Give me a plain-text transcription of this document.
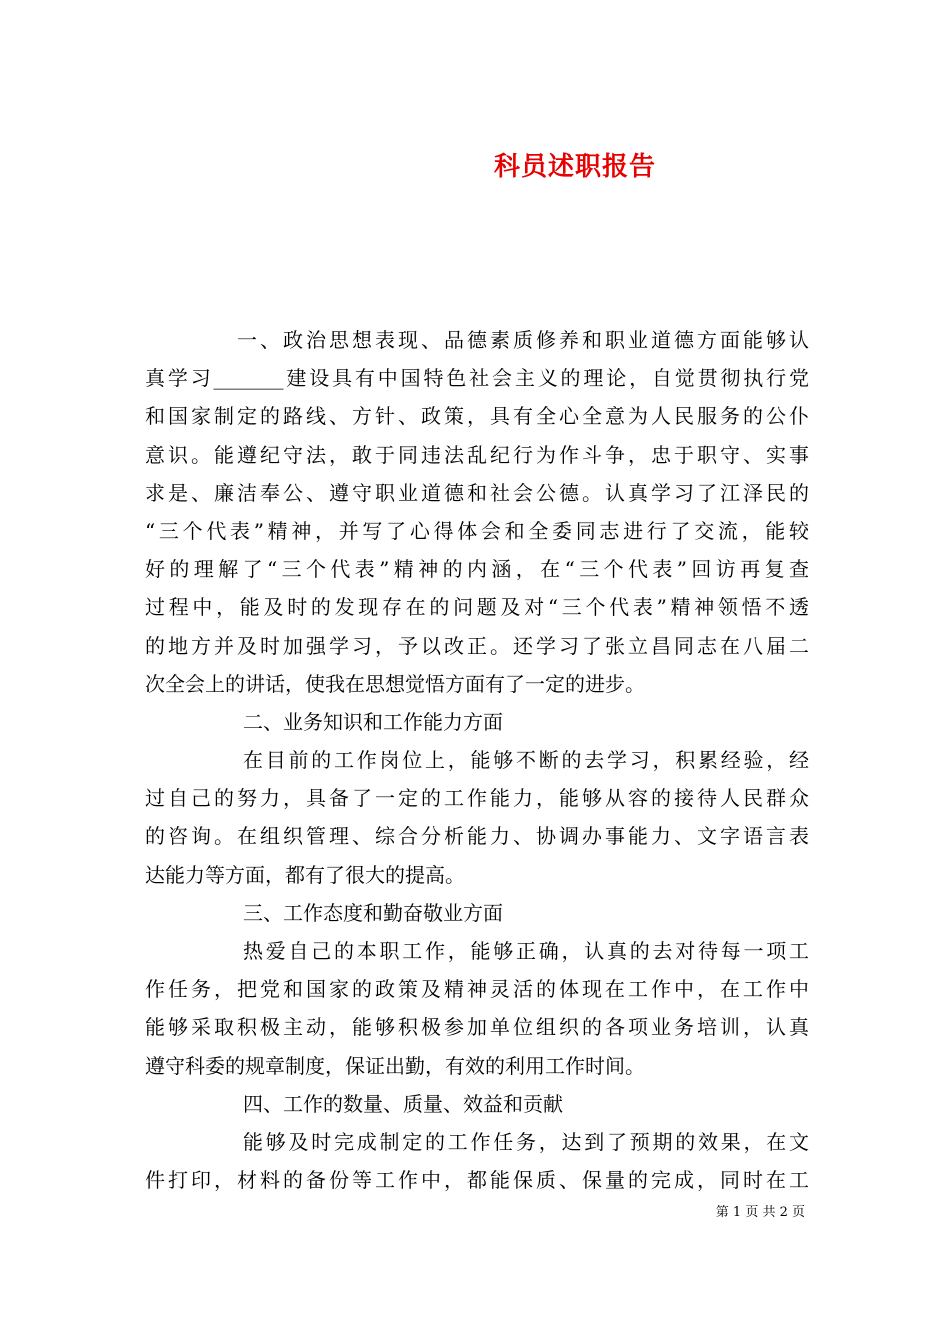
科员述职报告
一、政治思想表现、品德素质修养和职业道德方面能够认
真学习_______建设具有中国特色社会主义的理论，自觉贯彻执行党
和国家制定的路线、方针、政策，具有全心全意为人民服务的公仆
意识。能遵纪守法，敢于同违法乱纪行为作斗争，忠于职守、实事
求是、廉洁奉公、遵守职业道德和社会公德。认真学习了江泽民的
“三个代表”精神，并写了心得体会和全委同志进行了交流，能较
好的理解了“三个代表”精神的内涵，在“三个代表”回访再复查
过程中，能及时的发现存在的问题及对“三个代表”精神领悟不透
的地方并及时加强学习，予以改正。还学习了张立昌同志在八届二
次全会上的讲话，使我在思想觉悟方面有了一定的进步。
二、业务知识和工作能力方面
在目前的工作岗位上，能够不断的去学习，积累经验，经
过自己的努力，具备了一定的工作能力，能够从容的接待人民群众
的咨询。在组织管理、综合分析能力、协调办事能力、文字语言表
达能力等方面，都有了很大的提高。
三、工作态度和勤奋敬业方面
热爱自己的本职工作，能够正确，认真的去对待每一项工
作任务，把党和国家的政策及精神灵活的体现在工作中，在工作中
能够采取积极主动，能够积极参加单位组织的各项业务培训，认真
遵守科委的规章制度，保证出勤，有效的利用工作时间。
四、工作的数量、质量、效益和贡献
能够及时完成制定的工作任务，达到了预期的效果，在文
件打印，材料的备份等工作中，都能保质、保量的完成，同时在工
第 1 页 共 2 页
